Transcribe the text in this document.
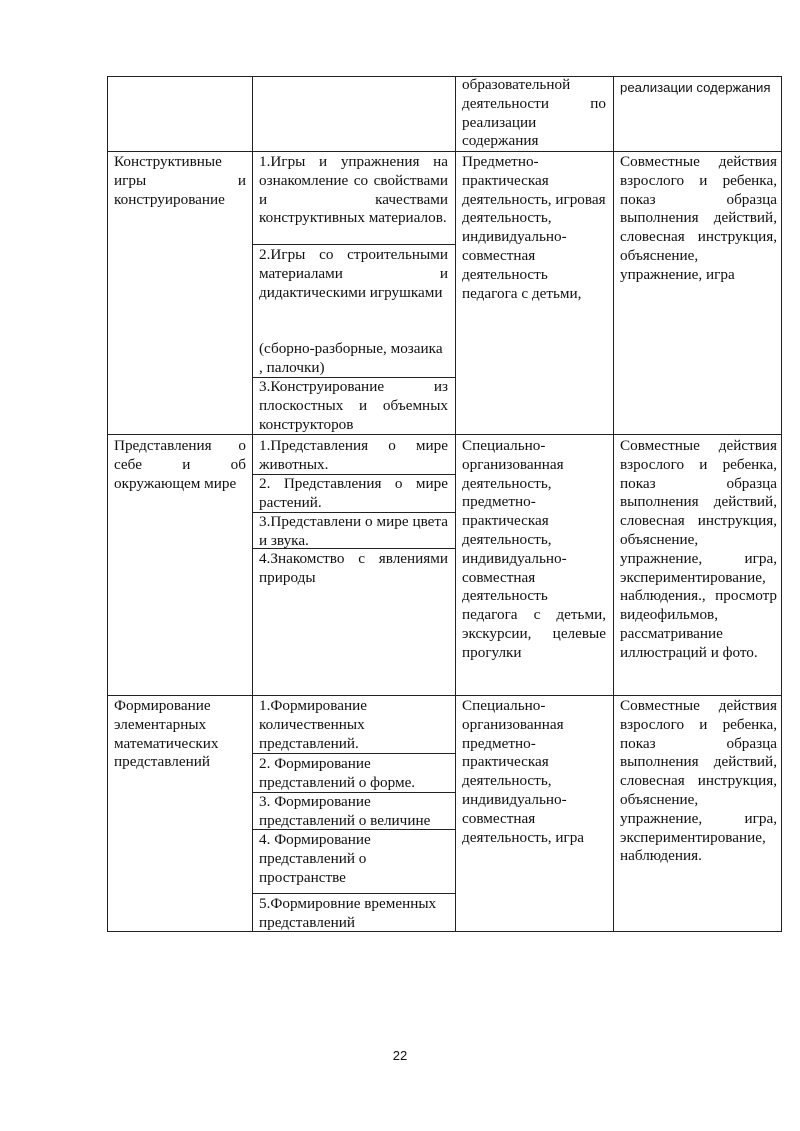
образовательной деятельности по реализации содержания
реализации содержания
Конструктивные игры и конструирование
1.Игры и упражнения на ознакомление со свойствами и качествами конструктивных материалов.
2.Игры со строительными материалами и дидактическими игрушками
(сборно-разборные, мозаика , палочки)
3.Конструирование из плоскостных и объемных конструкторов
Предметно-практическая деятельность, игровая деятельность, индивидуально-совместная деятельность педагога с детьми,
Совместные действия взрослого и ребенка, показ образца выполнения действий, словесная инструкция, объяснение, упражнение, игра
Представления о себе и об окружающем мире
1.Представления о мире животных.
2. Представления о мире растений.
3.Представлени о мире цвета и звука.
4.Знакомство с явлениями природы
Специально-организованная деятельность, предметно-практическая деятельность, индивидуально-совместная деятельность педагога с детьми, экскурсии, целевые прогулки
Совместные действия взрослого и ребенка, показ образца выполнения действий, словесная инструкция, объяснение, упражнение, игра, экспериментирование, наблюдения., просмотр видеофильмов, рассматривание иллюстраций и фото.
Формирование элементарных математических представлений
1.Формирование количественных представлений.
2. Формирование представлений о форме.
3. Формирование представлений о величине
4. Формирование представлений о пространстве
5.Формировние временных представлений
Специально-организованная предметно-практическая деятельность, индивидуально-совместная деятельность, игра
Совместные действия взрослого и ребенка, показ образца выполнения действий, словесная инструкция, объяснение, упражнение, игра, экспериментирование, наблюдения.
22
